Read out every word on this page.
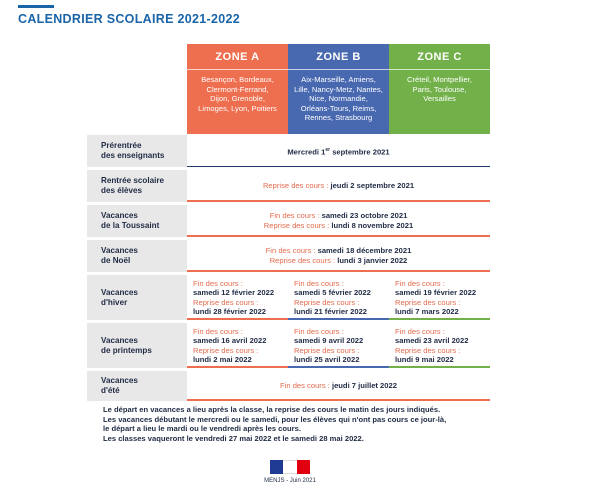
CALENDRIER SCOLAIRE 2021-2022
ZONE A
Besançon, Bordeaux,
Clermont-Ferrand,
Dijon, Grenoble,
Limoges, Lyon, Poitiers
ZONE B
Aix-Marseille, Amiens,
Lille, Nancy-Metz, Nantes,
Nice, Normandie,
Orléans-Tours, Reims,
Rennes, Strasbourg
ZONE C
Créteil, Montpellier,
Paris, Toulouse,
Versailles
Prérentrée
des enseignants	Mercredi 1er septembre 2021
Rentrée scolaire
des élèves
Reprise des cours : jeudi 2 septembre 2021
Vacances
de la Toussaint
Fin des cours : samedi 23 octobre 2021
Reprise des cours : lundi 8 novembre 2021
Vacances
de Noël
Fin des cours : samedi 18 décembre 2021
Reprise des cours : lundi 3 janvier 2022
Vacances
d'hiver
Fin des cours :
samedi 12 février 2022
Reprise des cours :
lundi 28 février 2022
Fin des cours :
samedi 5 février 2022
Reprise des cours :
lundi 21 février 2022
Fin des cours :
samedi 19 février 2022
Reprise des cours :
lundi 7 mars 2022
Vacances
de printemps
Fin des cours :
samedi 16 avril 2022
Reprise des cours :
lundi 2 mai 2022
Fin des cours :
samedi 9 avril 2022
Reprise des cours :
lundi 25 avril 2022
Fin des cours :
samedi 23 avril 2022
Reprise des cours :
lundi 9 mai 2022
Vacances
d'été
Fin des cours : jeudi 7 juillet 2022
Le départ en vacances a lieu après la classe, la reprise des cours le matin des jours indiqués.
Les vacances débutant le mercredi ou le samedi, pour les élèves qui n'ont pas cours ce jour-là,
le départ a lieu le mardi ou le vendredi après les cours.
Les classes vaqueront le vendredi 27 mai 2022 et le samedi 28 mai 2022.
MENJS - Juin 2021
